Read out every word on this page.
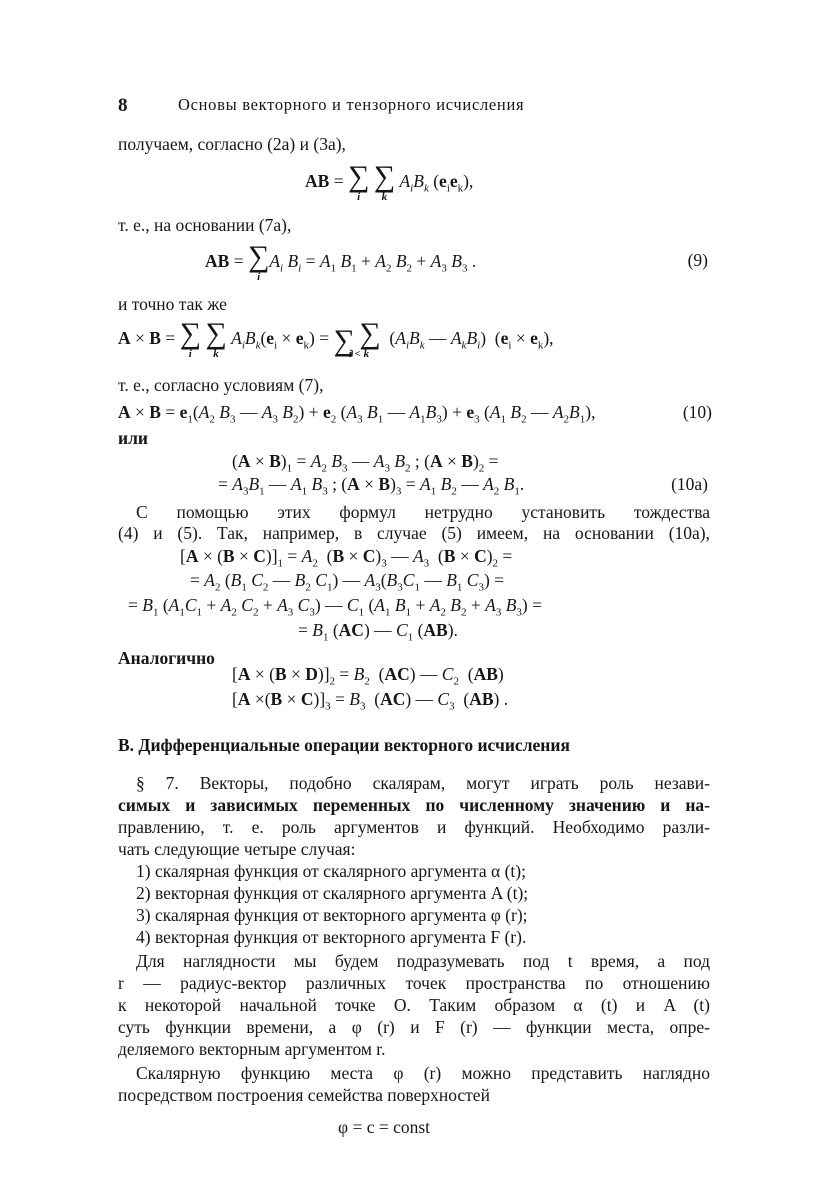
8	Основы векторного и тензорного исчисления
получаем, согласно (2а) и (3а),
AB = ∑
i

∑
k
$A_iB_k$ $(e_ie_k)$,
т. е., на основании (7а),
AB = ∑
i
$A_i$ $B_i = A_1$ $B_1 + A_2$ $B_2 + A_3$ $B_3$ .	(9)
и точно так же
A × B = ∑
i

∑
k
$A_iB_k(e_i \times e_k)$ = ∑
∑
i < k
($A_iB_k$ — $A_kB_i$)  $(e_i \times e_k)$,
т. е., согласно условиям (7),
$A \times B = e_1(A_2$ $B_3$ — $A_3$ $B_2) + e_2$ ($A_3$ $B_1$ — $A_1B_3) + e_3$ ($A_1$ $B_2$ — $A_2B_1$),	(10)
или
$(A \times B)_1 = A_2$ $B_3$ — $A_3$ $B_2$ ; $(A \times B)_2$ =
= $A_3B_1$ — $A_1$ $B_3$ ; $(A \times B)_3 = A_1$ $B_2$ — $A_2$ $B_1$.	(10а)
С помощью этих формул нетрудно установить тождества
(4) и (5). Так, например, в случае (5) имеем, на основании (10а),
$[A \times (B \times C)]_1 = A_2$  $(B \times C)_3$ — $A_3$  $(B \times C)_2$ =
= $A_2$ ($B_1$ $C_2$ — $B_2$ $C_1$) — $A_3(B_3C_1$ — $B_1$ $C_3$) =
= $B_1$ ($A_1C_1 + A_2$ $C_2 + A_3$ $C_3$) — $C_1$ ($A_1$ $B_1 + A_2$ $B_2 + A_3$ $B_3$) =
= $B_1$ (AC) — $C_1$ (AB).
Аналогично
$[A \times (B \times D)]_2 = B_2$  (AC) — $C_2$  (AB)
$[A \times(B \times C)]_3 = B_3$  (AC) — $C_3$  (AB) .
В. Дифференциальные операции векторного исчисления
§ 7. Векторы, подобно скалярам, могут играть роль незави-
симых и зависимых переменных по численному значению и на-
правлению, т. е. роль аргументов и функций. Необходимо разли-
чать следующие четыре случая:
1) скалярная функция от скалярного аргумента α (t);
2) векторная функция от скалярного аргумента A (t);
3) скалярная функция от векторного аргумента φ (r);
4) векторная функция от векторного аргумента F (r).
Для наглядности мы будем подразумевать под t время, а под
r — радиус-вектор различных точек пространства по отношению
к некоторой начальной точке O. Таким образом α (t) и A (t)
суть функции времени, а φ (r) и F (r) — функции места, опре-
деляемого векторным аргументом r.
Скалярную функцию места φ (r) можно представить наглядно
посредством построения семейства поверхностей
φ = c = const
